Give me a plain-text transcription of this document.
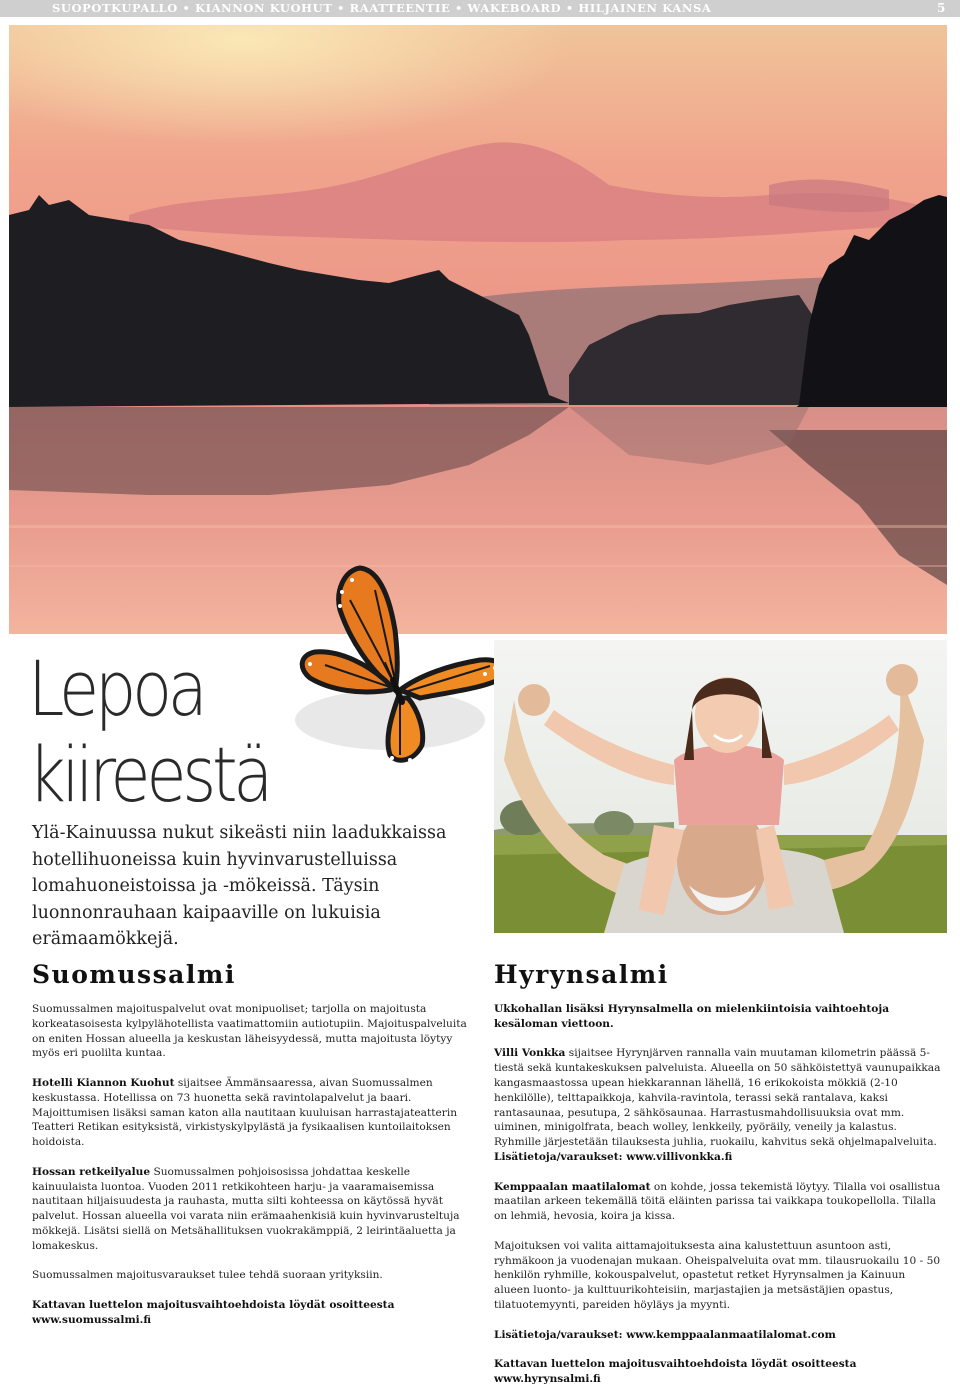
SUOPOTKUPALLO • KIANNON KUOHUT • RAATTEENTIE • WAKEBOARD • HILJAINEN KANSA	5
Lepoa
kiireestä
Ylä-Kainuussa nukut sikeästi niin laadukkaissa hotellihuoneissa kuin hyvinvarustelluissa lomahuoneistoissa ja -mökeissä. Täysin luonnonrauhaan kaipaaville on lukuisia erämaamökkejä.
Suomussalmi	Hyrynsalmi

Suomussalmen majoituspalvelut ovat monipuoliset; tarjolla on majoitusta korkeatasoisesta kylpylähotellista vaatimattomiin autiotupiin. Majoituspalveluita on eniten Hossan alueella ja keskustan läheisyydessä, mutta majoitusta löytyy myös eri puolilta kuntaa.

Hotelli Kiannon Kuohut sijaitsee Ämmänsaaressa, aivan Suomussalmen keskustassa. Hotellissa on 73 huonetta sekä ravintolapalvelut ja baari. Majoittumisen lisäksi saman katon alla nautitaan kuuluisan harrastajateatterin Teatteri Retikan esityksistä, virkistyskylpylästä ja fysikaalisen kuntoilaitoksen hoidoista.

Hossan retkeilyalue Suomussalmen pohjoisosissa johdattaa keskelle kainuulaista luontoa. Vuoden 2011 retkikohteen harju- ja vaaramaisemissa nautitaan hiljaisuudesta ja rauhasta, mutta silti kohteessa on käytössä hyvät palvelut. Hossan alueella voi varata niin erämaahenkisiä kuin hyvinvarusteltuja mökkejä. Lisätsi siellä on Metsähallituksen vuokrakämppiä, 2 leirintäaluetta ja lomakeskus.

Suomussalmen majoitusvaraukset tulee tehdä suoraan yrityksiin.

Kattavan luettelon majoitusvaihtoehdoista löydät osoitteesta
www.suomussalmi.fi

Ukkohallan lisäksi Hyrynsalmella on mielenkiintoisia vaihtoehtoja kesäloman viettoon.

Villi Vonkka sijaitsee Hyrynjärven rannalla vain muutaman kilometrin päässä 5-tiestä sekä kuntakeskuksen palveluista. Alueella on 50 sähköistettyä vaunupaikkaa kangasmaastossa upean hiekkarannan lähellä, 16 erikokoista mökkiä (2-10 henkilölle), telttapaikkoja, kahvila-ravintola, terassi sekä rantalava, kaksi rantasaunaa, pesutupa, 2 sähkösaunaa. Harrastusmahdollisuuksia ovat mm. uiminen, minigolfrata, beach wolley, lenkkeily, pyöräily, veneily ja kalastus. Ryhmille järjestetään tilauksesta juhlia, ruokailu, kahvitus sekä ohjelmapalveluita.
Lisätietoja/varaukset: www.villivonkka.fi

Kemppaalan maatilalomat on kohde, jossa tekemistä löytyy. Tilalla voi osallistua maatilan arkeen tekemällä töitä eläinten parissa tai vaikkapa toukopellolla. Tilalla on lehmiä, hevosia, koira ja kissa.

Majoituksen voi valita aittamajoituksesta aina kalustettuun asuntoon asti, ryhmäkoon ja vuodenajan mukaan. Oheispalveluita ovat mm. tilausruokailu 10 - 50 henkilön ryhmille, kokouspalvelut, opastetut retket Hyrynsalmen ja Kainuun alueen luonto- ja kulttuurikohteisiin, marjastajien ja metsästäjien opastus, tilatuotemyynti, pareiden höyläys ja myynti.

Lisätietoja/varaukset: www.kemppaalanmaatilalomat.com

Kattavan luettelon majoitusvaihtoehdoista löydät osoitteesta
www.hyrynsalmi.fi
